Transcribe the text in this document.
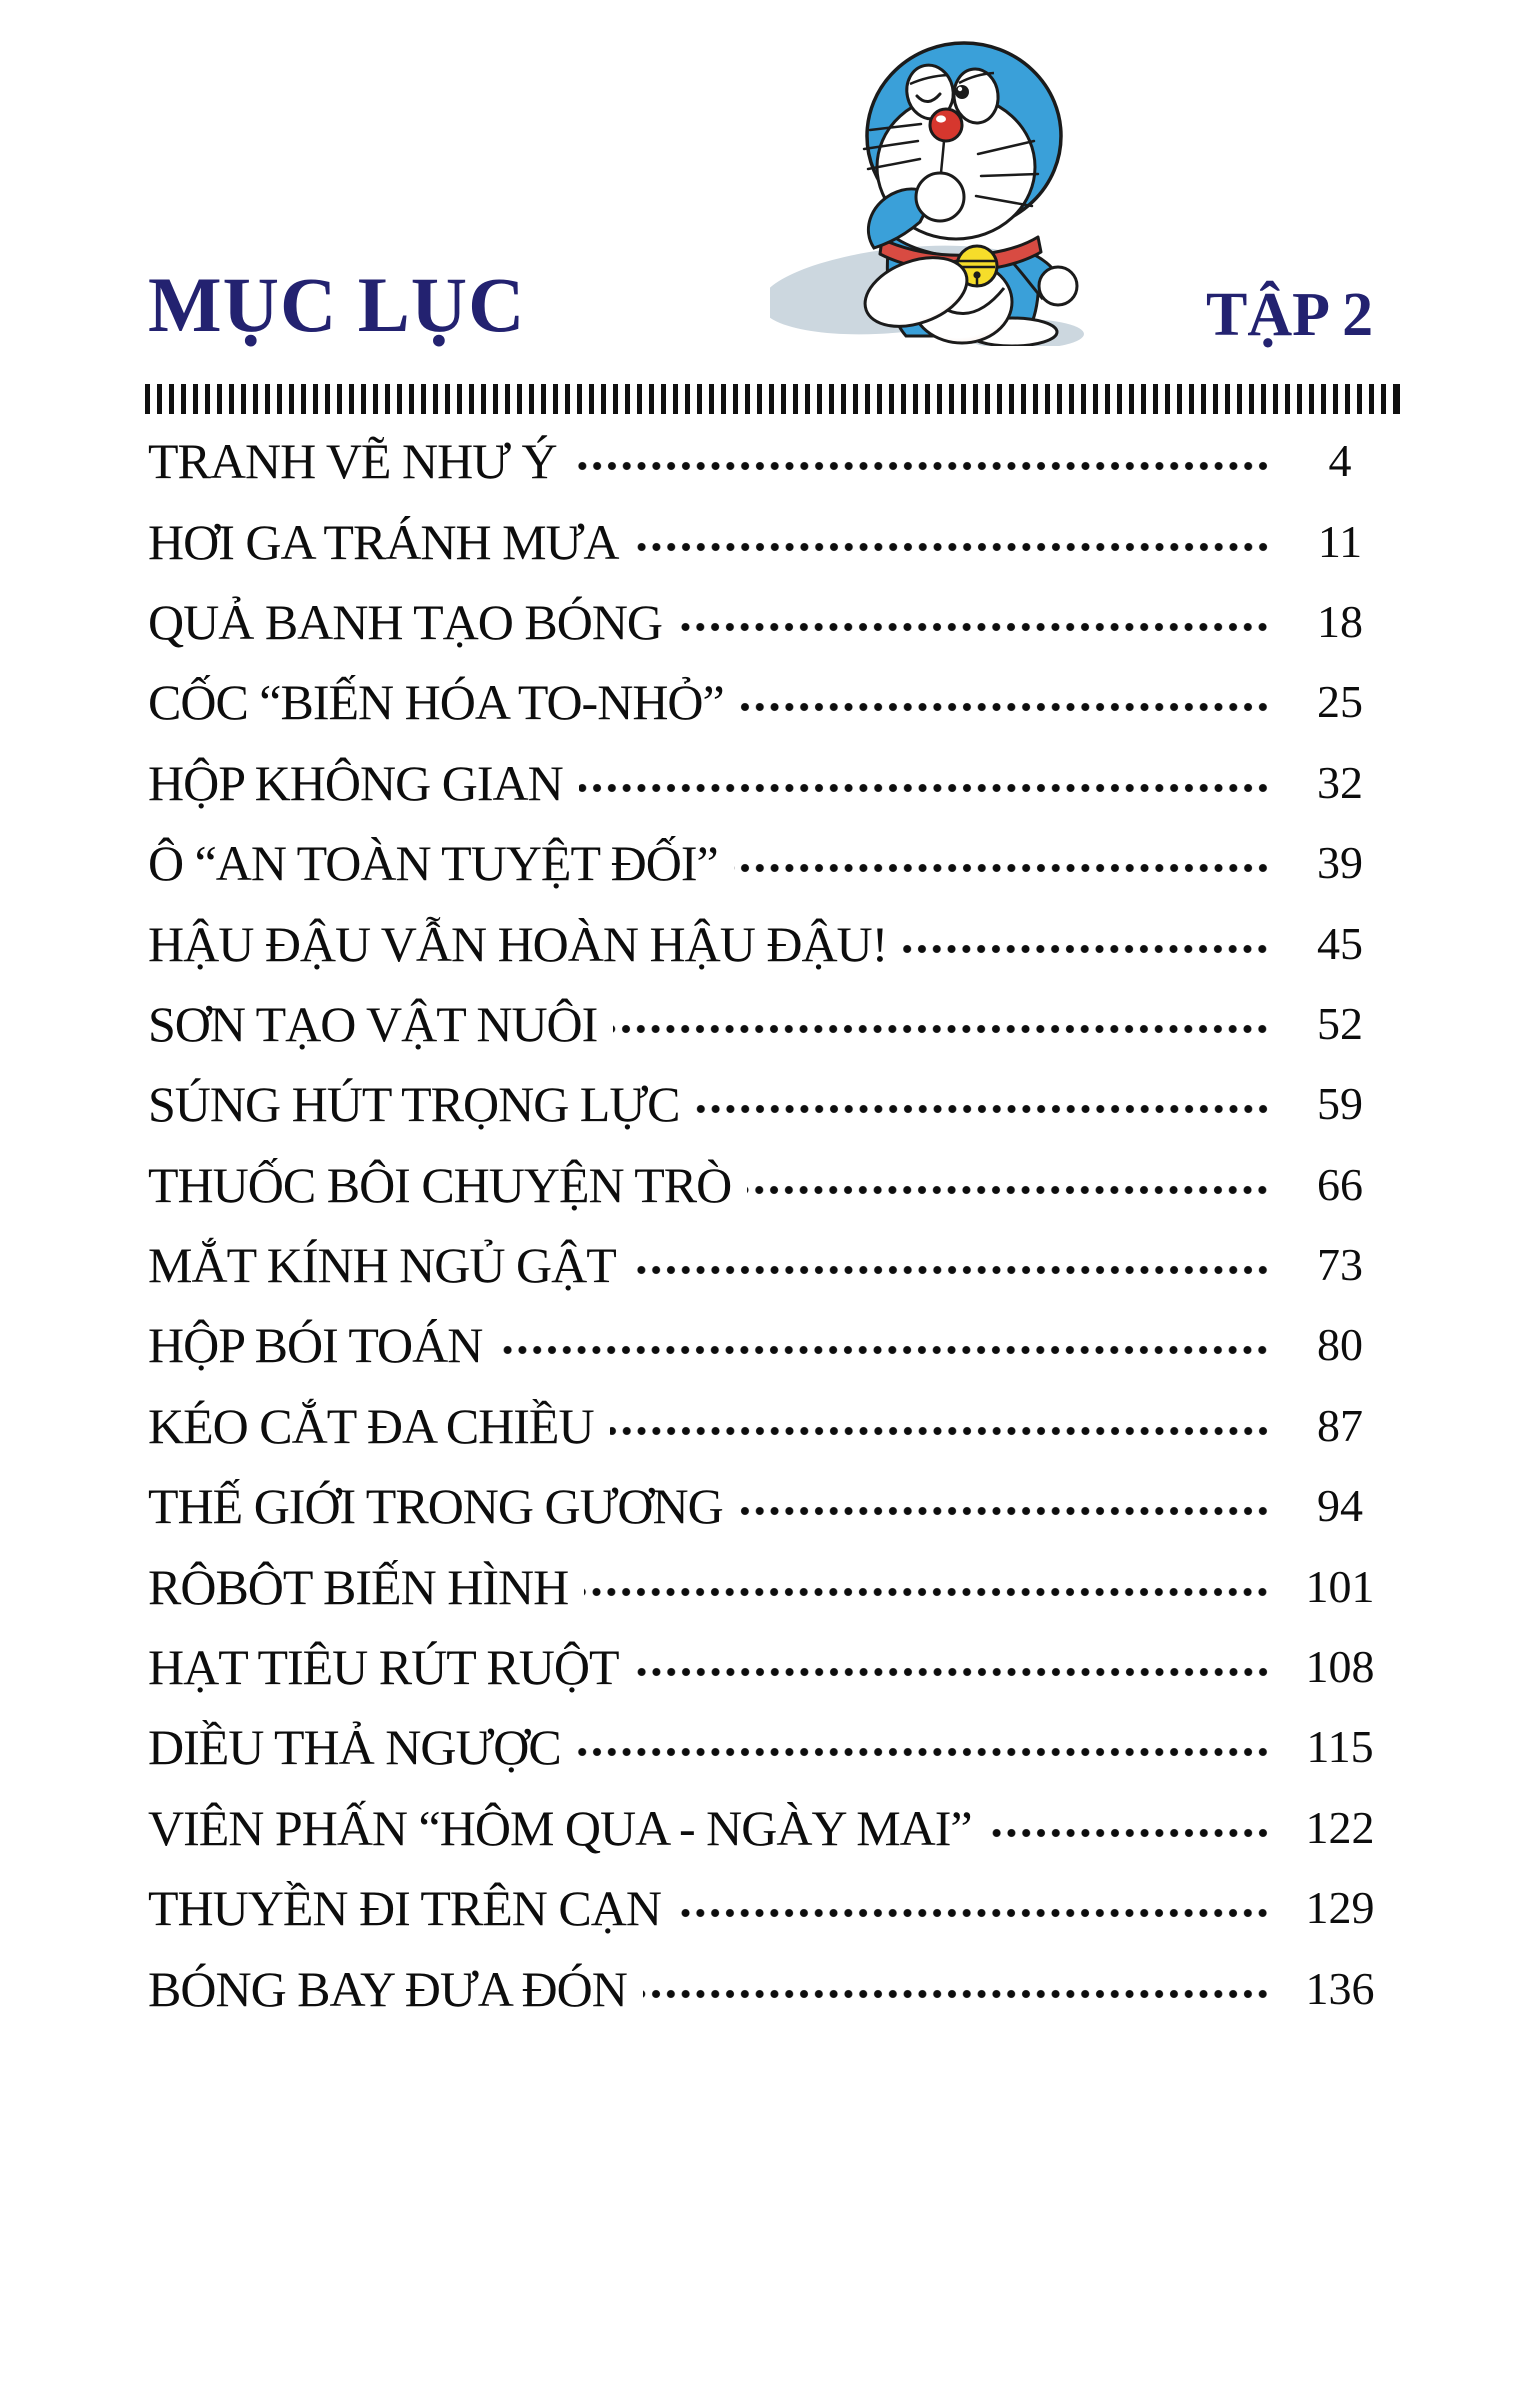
MỤC LỤC	TẬP 2
TRANH VẼ NHƯ Ý	4
HƠI GA TRÁNH MƯA	11
QUẢ BANH TẠO BÓNG	18
CỐC “BIẾN HÓA TO-NHỎ”	25
HỘP KHÔNG GIAN	32
Ô “AN TOÀN TUYỆT ĐỐI”	39
HẬU ĐẬU VẪN HOÀN HẬU ĐẬU!	45
SƠN TẠO VẬT NUÔI	52
SÚNG HÚT TRỌNG LỰC	59
THUỐC BÔI CHUYỆN TRÒ	66
MẮT KÍNH NGỦ GẬT	73
HỘP BÓI TOÁN	80
KÉO CẮT ĐA CHIỀU	87
THẾ GIỚI TRONG GƯƠNG	94
RÔBÔT BIẾN HÌNH	101
HẠT TIÊU RÚT RUỘT	108
DIỀU THẢ NGƯỢC	115
VIÊN PHẤN “HÔM QUA - NGÀY MAI”	122
THUYỀN ĐI TRÊN CẠN	129
BÓNG BAY ĐƯA ĐÓN	136
